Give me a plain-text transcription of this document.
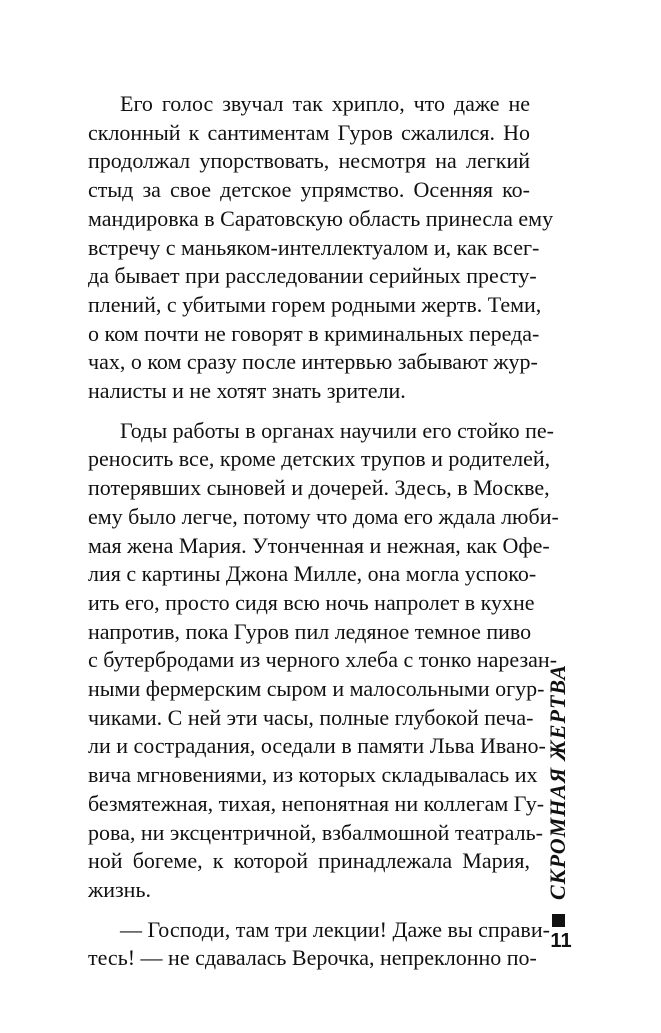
Его голос звучал так хрипло, что даже не
склонный к сантиментам Гуров сжалился. Но
продолжал упорствовать, несмотря на легкий
стыд за свое детское упрямство. Осенняя ко-
мандировка в Саратовскую область принесла ему
встречу с маньяком-интеллектуалом и, как всег-
да бывает при расследовании серийных престу-
плений, с убитыми горем родными жертв. Теми,
о ком почти не говорят в криминальных переда-
чах, о ком сразу после интервью забывают жур-
налисты и не хотят знать зрители.

Годы работы в органах научили его стойко пе-
реносить все, кроме детских трупов и родителей,
потерявших сыновей и дочерей. Здесь, в Москве,
ему было легче, потому что дома его ждала люби-
мая жена Мария. Утонченная и нежная, как Офе-
лия с картины Джона Милле, она могла успоко-
ить его, просто сидя всю ночь напролет в кухне
напротив, пока Гуров пил ледяное темное пиво
с бутербродами из черного хлеба с тонко нарезан-
ными фермерским сыром и малосольными огур-
чиками. С ней эти часы, полные глубокой печа-
ли и сострадания, оседали в памяти Льва Ивано-
вича мгновениями, из которых складывалась их
безмятежная, тихая, непонятная ни коллегам Гу-
рова, ни эксцентричной, взбалмошной театраль-
ной богеме, к которой принадлежала Мария,
жизнь.

— Господи, там три лекции! Даже вы справи-
тесь! — не сдавалась Верочка, непреклонно по-

СКРОМНАЯ ЖЕРТВА
11
